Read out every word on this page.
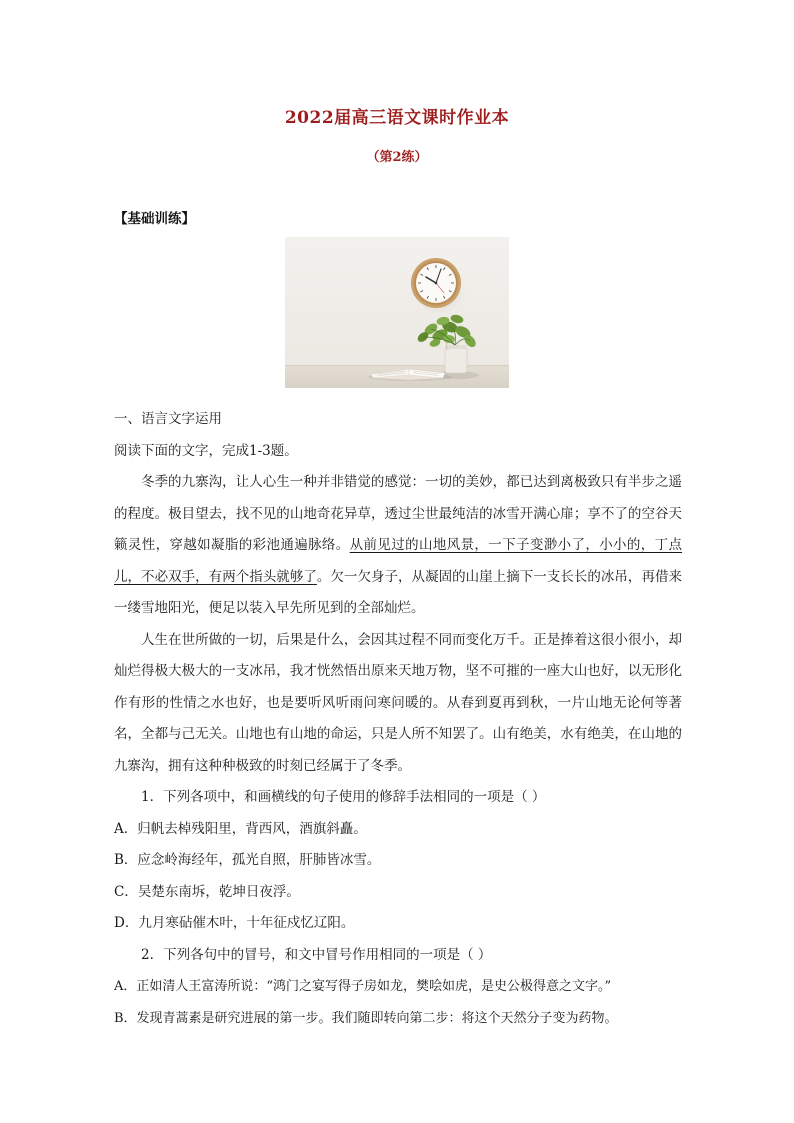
2022届高三语文课时作业本
（第2练）
【基础训练】
一、语言文字运用
阅读下面的文字，完成1-3题。
冬季的九寨沟，让人心生一种并非错觉的感觉：一切的美妙，都已达到离极致只有半步之遥的程度。极目望去，找不见的山地奇花异草，透过尘世最纯洁的冰雪开满心扉；享不了的空谷天籁灵性，穿越如凝脂的彩池通遍脉络。从前见过的山地风景，一下子变渺小了，小小的，丁点儿，不必双手，有两个指头就够了。欠一欠身子，从凝固的山崖上摘下一支长长的冰吊，再借来一缕雪地阳光，便足以装入早先所见到的全部灿烂。
人生在世所做的一切，后果是什么，会因其过程不同而变化万千。正是捧着这很小很小，却灿烂得极大极大的一支冰吊，我才恍然悟出原来天地万物，坚不可摧的一座大山也好，以无形化作有形的性情之水也好，也是要听风听雨问寒问暖的。从春到夏再到秋，一片山地无论何等著名，全都与己无关。山地也有山地的命运，只是人所不知罢了。山有绝美，水有绝美，在山地的九寨沟，拥有这种种极致的时刻已经属于了冬季。
1．下列各项中，和画横线的句子使用的修辞手法相同的一项是（ ）
A．归帆去棹残阳里，背西风，酒旗斜矗。
B．应念岭海经年，孤光自照，肝肺皆冰雪。
C．吴楚东南坼，乾坤日夜浮。
D．九月寒砧催木叶，十年征戍忆辽阳。
2．下列各句中的冒号，和文中冒号作用相同的一项是（ ）
A．正如清人王富涛所说：“鸿门之宴写得子房如龙，樊哙如虎，是史公极得意之文字。”
B．发现青蒿素是研究进展的第一步。我们随即转向第二步：将这个天然分子变为药物。
